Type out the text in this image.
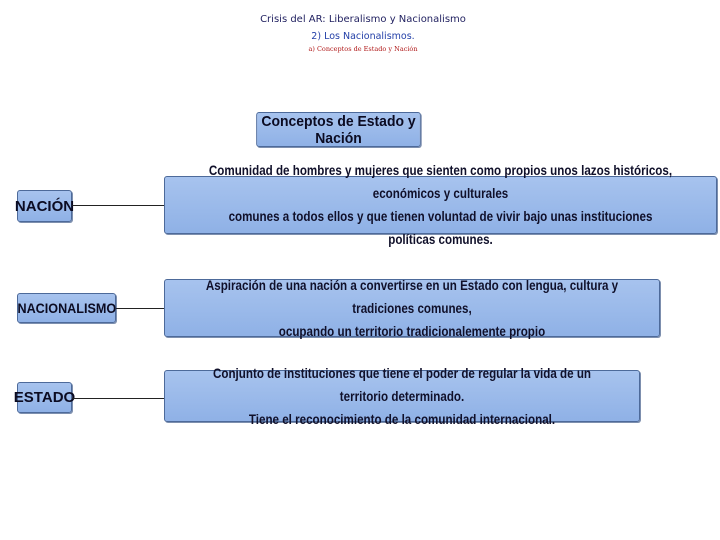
Crisis del AR: Liberalismo y Nacionalismo
2) Los Nacionalismos.
a) Conceptos de Estado y Nación
Conceptos de Estado y Nación
NACIÓN
Comunidad de hombres y mujeres que sienten como propios unos lazos históricos, económicos y culturales
comunes a todos ellos y que tienen voluntad de vivir bajo unas instituciones políticas comunes.
NACIONALISMO
Aspiración de una nación a convertirse en un Estado con lengua, cultura y tradiciones comunes,
ocupando un territorio tradicionalemente propio
ESTADO
Conjunto de instituciones que tiene el poder de regular la vida de un territorio determinado.
Tiene el reconocimiento de la comunidad internacional.
